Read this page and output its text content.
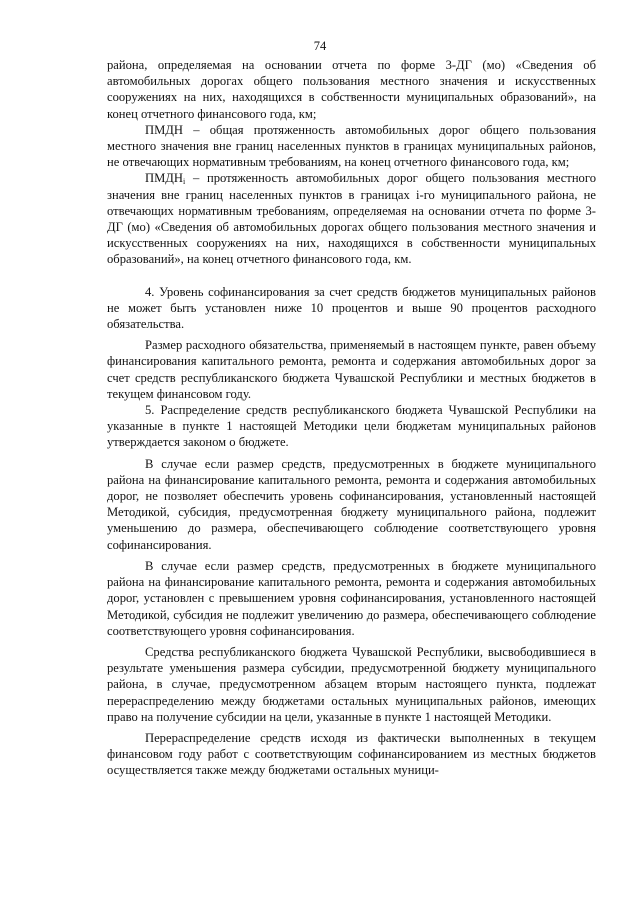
74

района, определяемая на основании отчета по форме 3-ДГ (мо) «Сведения об автомобильных дорогах общего пользования местного значения и искусственных сооружениях на них, находящихся в собственности муниципальных образований», на конец отчетного финансового года, км;

ПМДН – общая протяженность автомобильных дорог общего пользования местного значения вне границ населенных пунктов в границах муниципальных районов, не отвечающих нормативным требованиям, на конец отчетного финансового года, км;

$ПМДН_i$ – протяженность автомобильных дорог общего пользования местного значения вне границ населенных пунктов в границах i-го муниципального района, не отвечающих нормативным требованиям, определяемая на основании отчета по форме 3-ДГ (мо) «Сведения об автомобильных дорогах общего пользования местного значения и искусственных сооружениях на них, находящихся в собственности муниципальных образований», на конец отчетного финансового года, км.

4. Уровень софинансирования за счет средств бюджетов муниципальных районов не может быть установлен ниже 10 процентов и выше 90 процентов расходного обязательства.

Размер расходного обязательства, применяемый в настоящем пункте, равен объему финансирования капитального ремонта, ремонта и содержания автомобильных дорог за счет средств республиканского бюджета Чувашской Республики и местных бюджетов в текущем финансовом году.

5. Распределение средств республиканского бюджета Чувашской Республики на указанные в пункте 1 настоящей Методики цели бюджетам муниципальных районов утверждается законом о бюджете.

В случае если размер средств, предусмотренных в бюджете муниципального района на финансирование капитального ремонта, ремонта и содержания автомобильных дорог, не позволяет обеспечить уровень софинансирования, установленный настоящей Методикой, субсидия, предусмотренная бюджету муниципального района, подлежит уменьшению до размера, обеспечивающего соблюдение соответствующего уровня софинансирования.

В случае если размер средств, предусмотренных в бюджете муниципального района на финансирование капитального ремонта, ремонта и содержания автомобильных дорог, установлен с превышением уровня софинансирования, установленного настоящей Методикой, субсидия не подлежит увеличению до размера, обеспечивающего соблюдение соответствующего уровня софинансирования.

Средства республиканского бюджета Чувашской Республики, высвободившиеся в результате уменьшения размера субсидии, предусмотренной бюджету муниципального района, в случае, предусмотренном абзацем вторым настоящего пункта, подлежат перераспределению между бюджетами остальных муниципальных районов, имеющих право на получение субсидии на цели, указанные в пункте 1 настоящей Методики.

Перераспределение средств исходя из фактически выполненных в текущем финансовом году работ с соответствующим софинансированием из местных бюджетов осуществляется также между бюджетами остальных муници-
